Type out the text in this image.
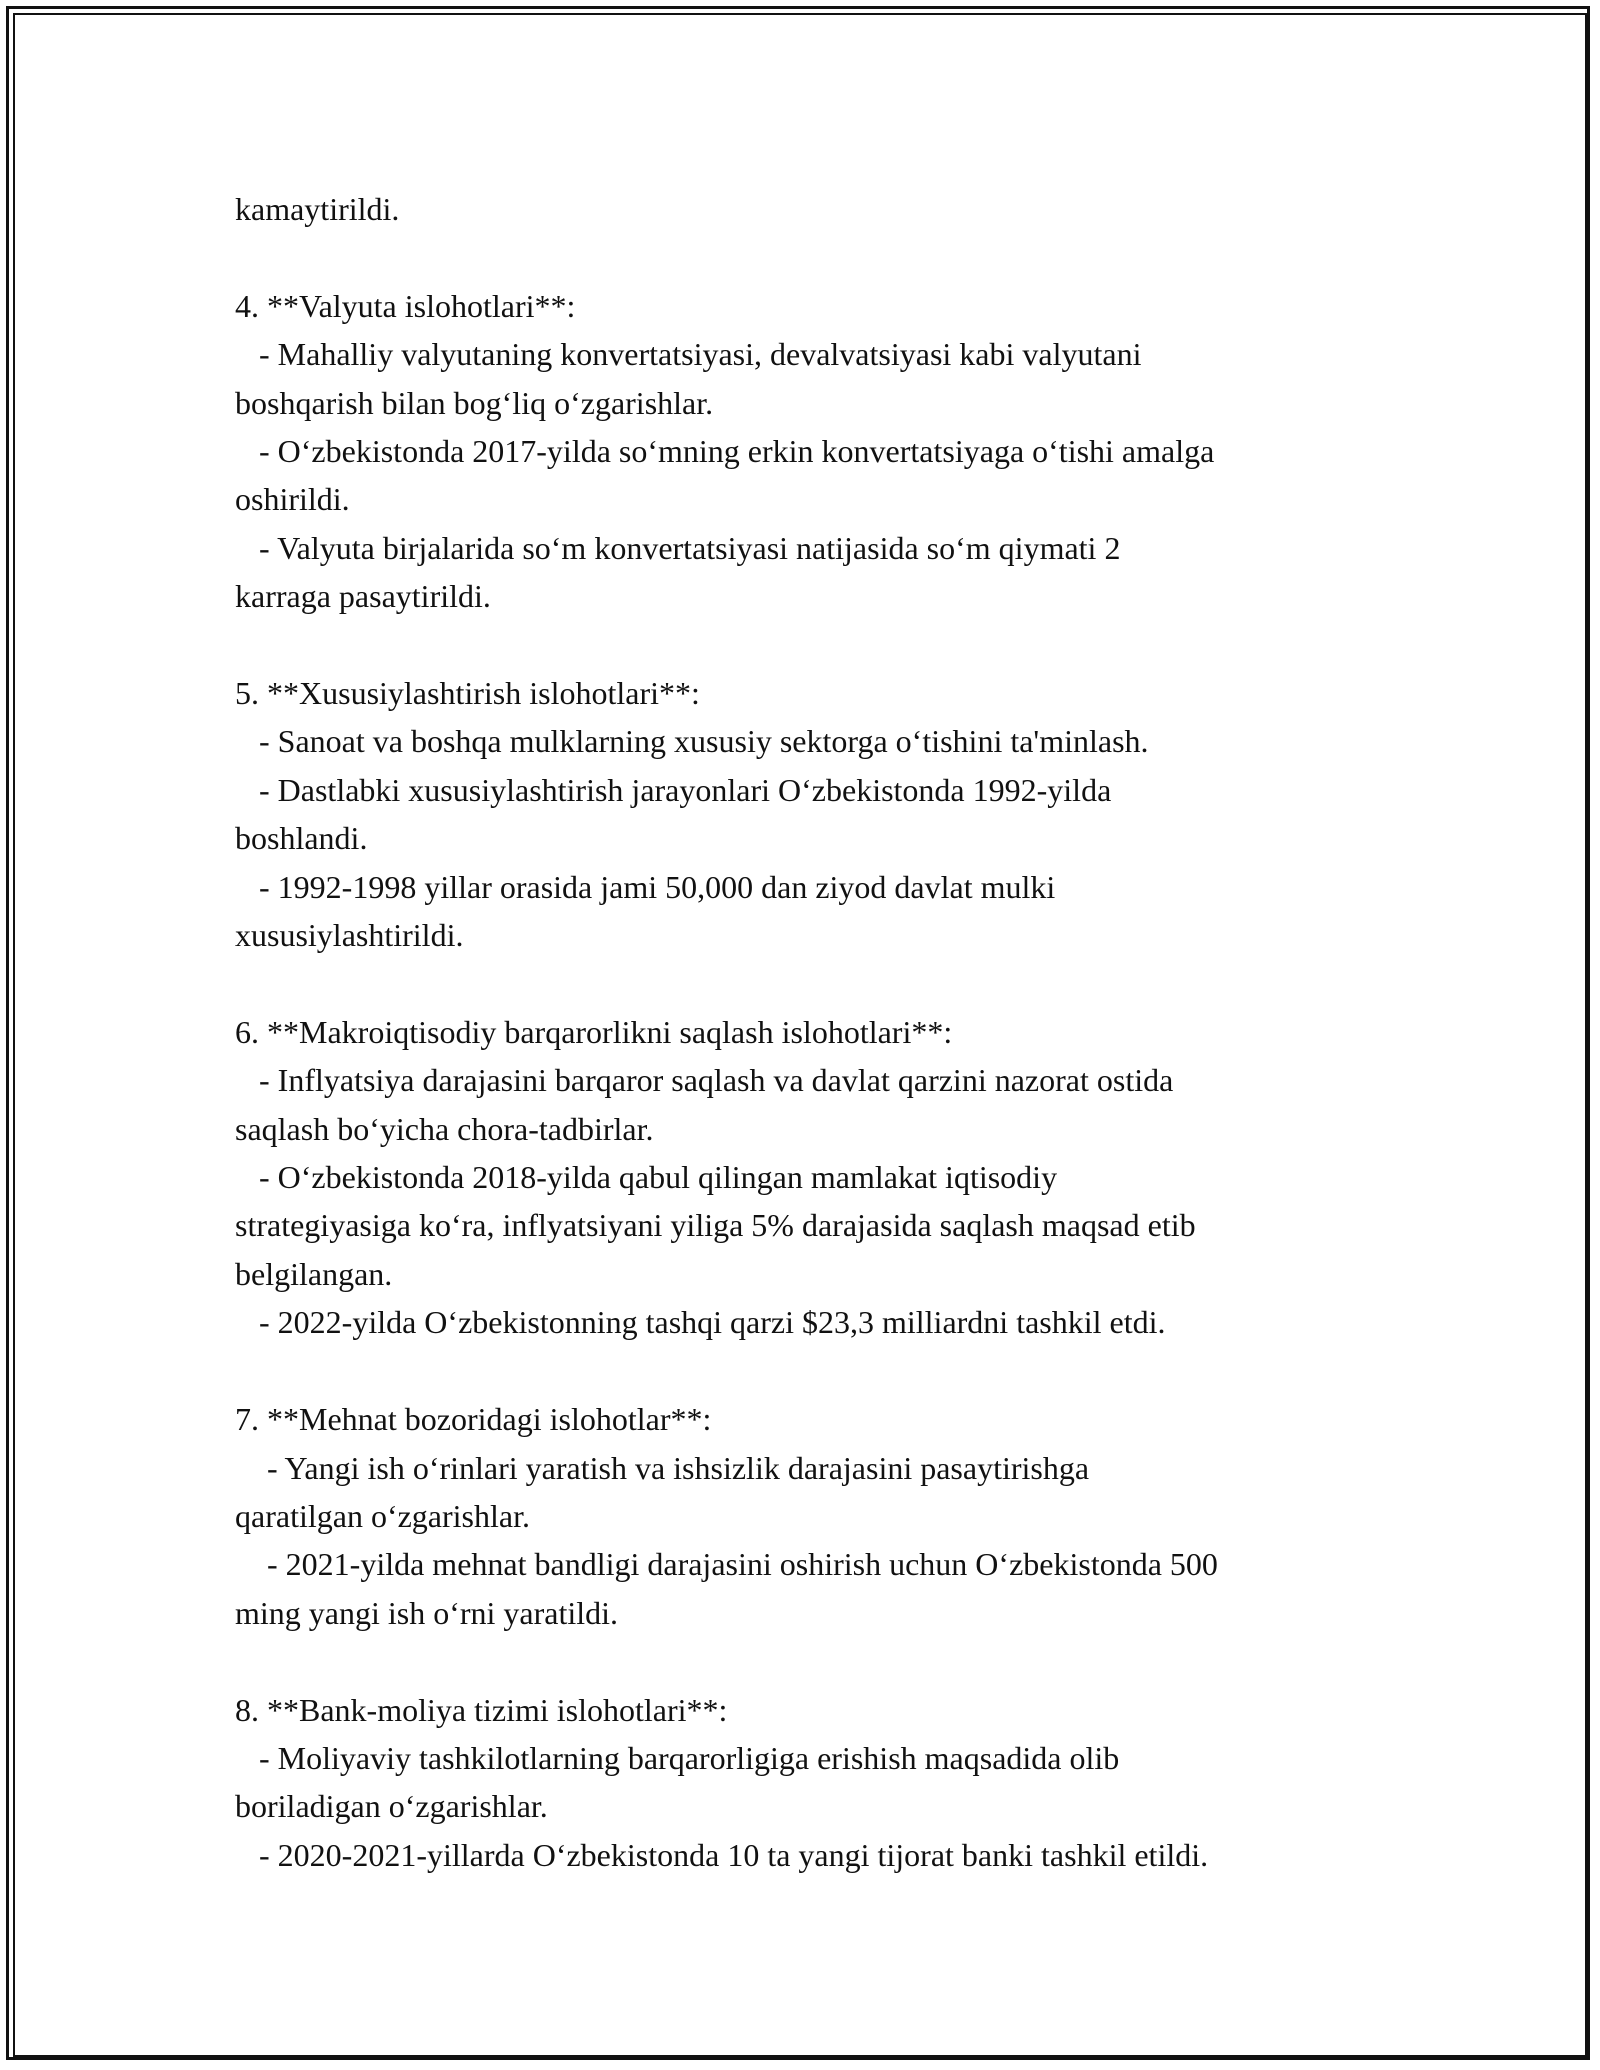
kamaytirildi.
4. **Valyuta islohotlari**:
- Mahalliy valyutaning konvertatsiyasi, devalvatsiyasi kabi valyutani
boshqarish bilan bog‘liq o‘zgarishlar.
- O‘zbekistonda 2017-yilda so‘mning erkin konvertatsiyaga o‘tishi amalga
oshirildi.
- Valyuta birjalarida so‘m konvertatsiyasi natijasida so‘m qiymati 2
karraga pasaytirildi.
5. **Xususiylashtirish islohotlari**:
- Sanoat va boshqa mulklarning xususiy sektorga o‘tishini ta'minlash.
- Dastlabki xususiylashtirish jarayonlari O‘zbekistonda 1992-yilda
boshlandi.
- 1992-1998 yillar orasida jami 50,000 dan ziyod davlat mulki
xususiylashtirildi.
6. **Makroiqtisodiy barqarorlikni saqlash islohotlari**:
- Inflyatsiya darajasini barqaror saqlash va davlat qarzini nazorat ostida
saqlash bo‘yicha chora-tadbirlar.
- O‘zbekistonda 2018-yilda qabul qilingan mamlakat iqtisodiy
strategiyasiga ko‘ra, inflyatsiyani yiliga 5% darajasida saqlash maqsad etib
belgilangan.
- 2022-yilda O‘zbekistonning tashqi qarzi $23,3 milliardni tashkil etdi.
7. **Mehnat bozoridagi islohotlar**:
- Yangi ish o‘rinlari yaratish va ishsizlik darajasini pasaytirishga
qaratilgan o‘zgarishlar.
- 2021-yilda mehnat bandligi darajasini oshirish uchun O‘zbekistonda 500
ming yangi ish o‘rni yaratildi.
8. **Bank-moliya tizimi islohotlari**:
- Moliyaviy tashkilotlarning barqarorligiga erishish maqsadida olib
boriladigan o‘zgarishlar.
- 2020-2021-yillarda O‘zbekistonda 10 ta yangi tijorat banki tashkil etildi.
